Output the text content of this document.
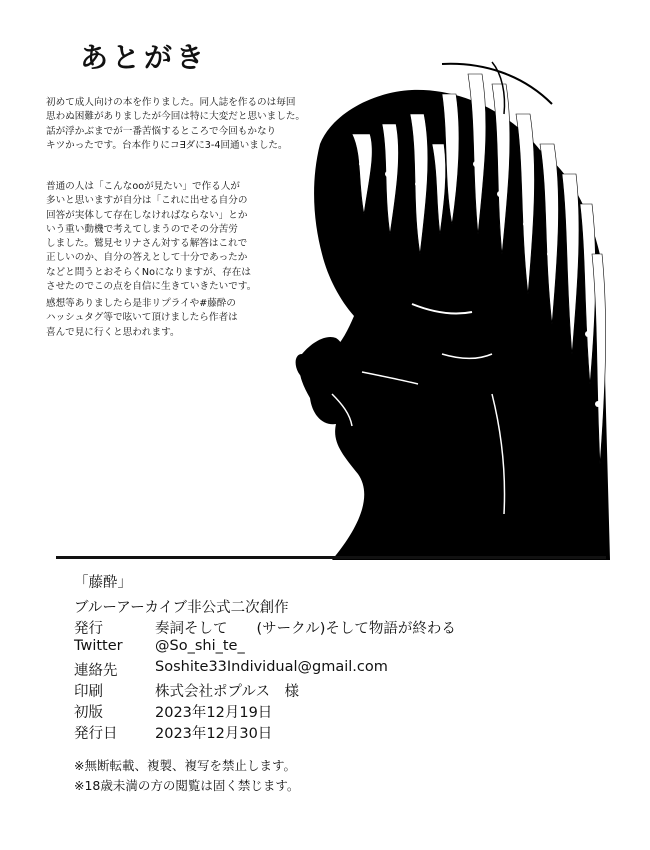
あとがき
初めて成人向けの本を作りました。同人誌を作るのは毎回
思わぬ困難がありましたが今回は特に大変だと思いました。
話が浮かぶまでが一番苦悩するところで今回もかなり
キツかったです。台本作りにコ∃ダに3-4回通いました。
普通の人は「こんなooが見たい」で作る人が
多いと思いますが自分は「これに出せる自分の
回答が実体して存在しなければならない」とか
いう重い動機で考えてしまうのでその分苦労
しました。鷲見セリナさん対する解答はこれで
正しいのか、自分の答えとして十分であったか
などと問うとおそらくNoになりますが、存在は
させたのでこの点を自信に生きていきたいです。
感想等ありましたら是非リプライや#藤酔の
ハッシュタグ等で呟いて頂けましたら作者は
喜んで見に行くと思われます。
「藤酔」
ブルーアーカイブ非公式二次創作
発行	奏詞そして　　(サークル)そして物語が終わる
Twitter @So_shi_te_
連絡先	Soshite33Individual@gmail.com
印刷	株式会社ポプルス　様
初版	2023年12月19日
発行日	2023年12月30日
※無断転載、複製、複写を禁止します。
※18歳未満の方の閲覧は固く禁じます。
